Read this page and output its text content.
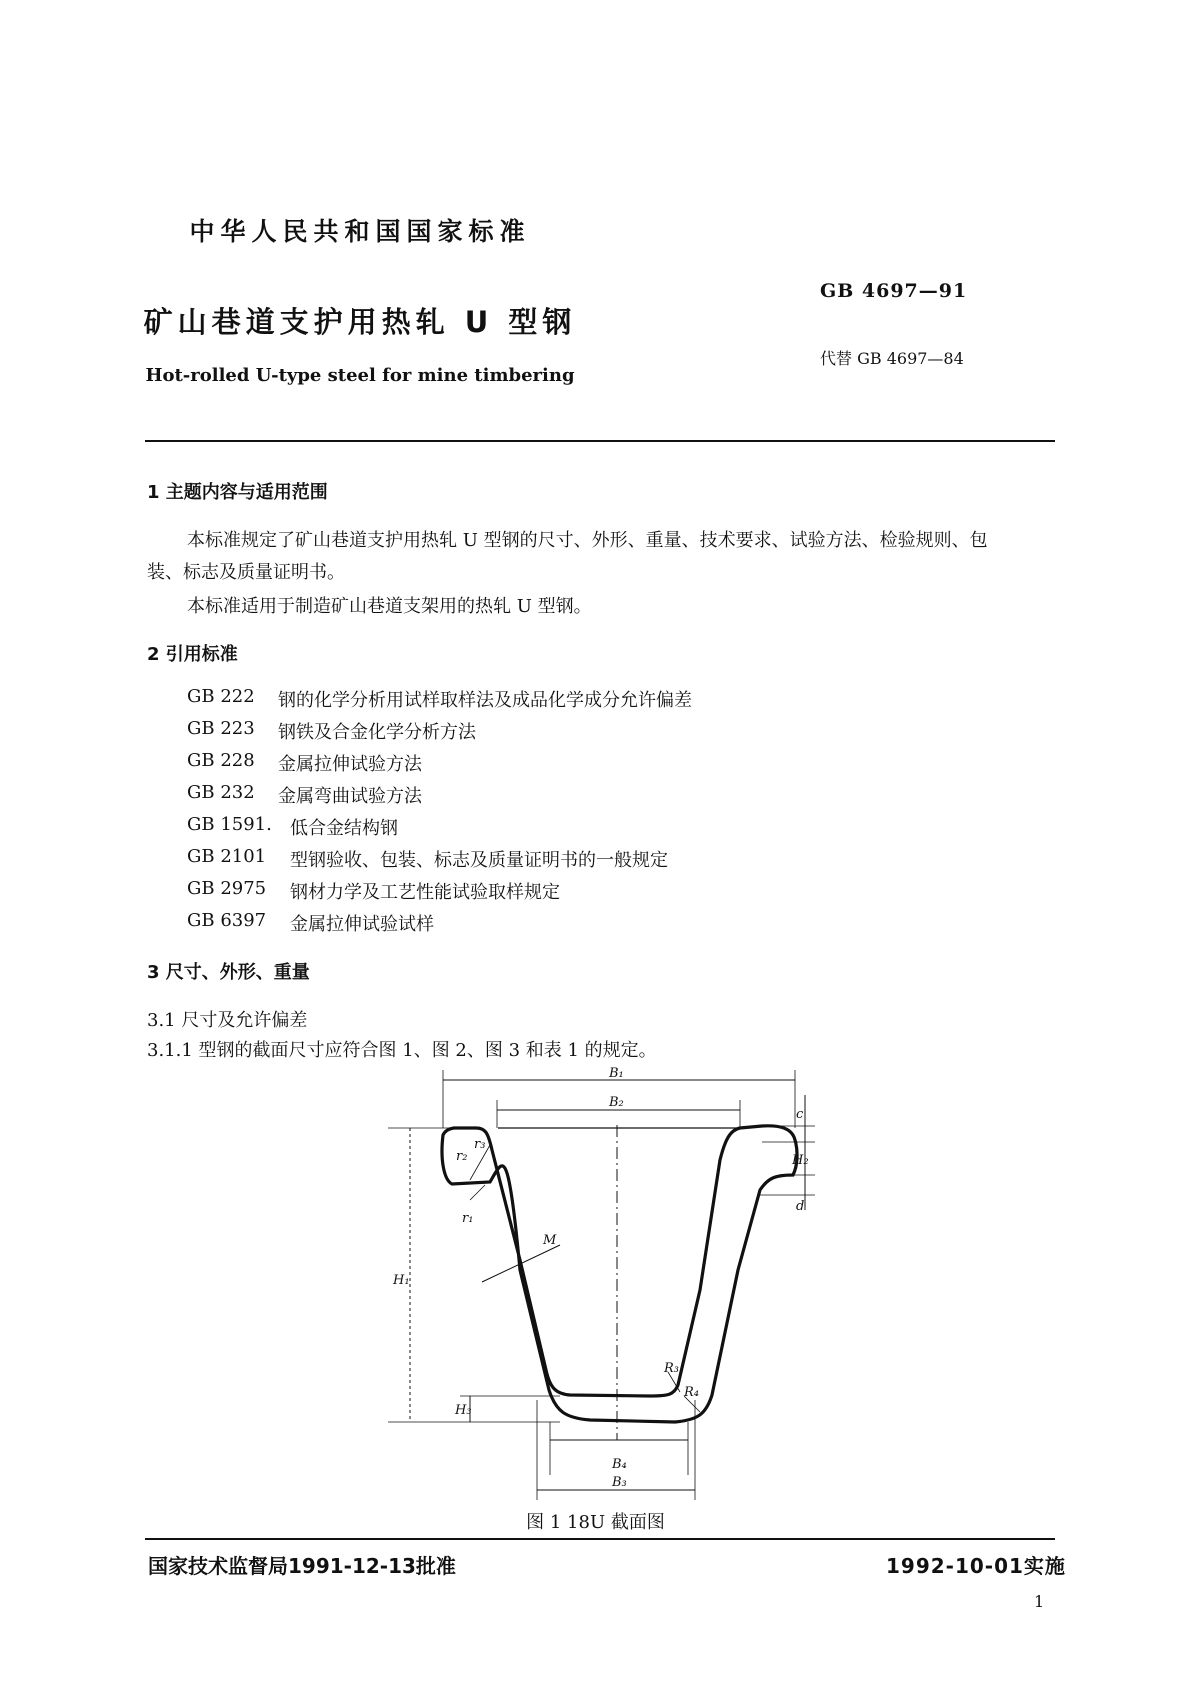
中华人民共和国国家标准
矿山巷道支护用热轧 U 型钢
Hot-rolled U-type steel for mine timbering
GB 4697—91
代替 GB 4697—84
1 主题内容与适用范围
本标准规定了矿山巷道支护用热轧 U 型钢的尺寸、外形、重量、技术要求、试验方法、检验规则、包
装、标志及质量证明书。
本标准适用于制造矿山巷道支架用的热轧 U 型钢。
2 引用标准
GB 222 钢的化学分析用试样取样法及成品化学成分允许偏差
GB 223 钢铁及合金化学分析方法
GB 228 金属拉伸试验方法
GB 232 金属弯曲试验方法
GB 1591. 低合金结构钢
GB 2101 型钢验收、包装、标志及质量证明书的一般规定
GB 2975 钢材力学及工艺性能试验取样规定
GB 6397 金属拉伸试验试样
3 尺寸、外形、重量
3.1 尺寸及允许偏差
3.1.1 型钢的截面尺寸应符合图 1、图 2、图 3 和表 1 的规定。
B₁
B₂
B₄
B₃
c
H₂
d
H₁
H₃
M
r₁
r₂
r₃
R₃
R₄
图 1 18U 截面图
国家技术监督局1991-12-13批准	1992-10-01实施
1
